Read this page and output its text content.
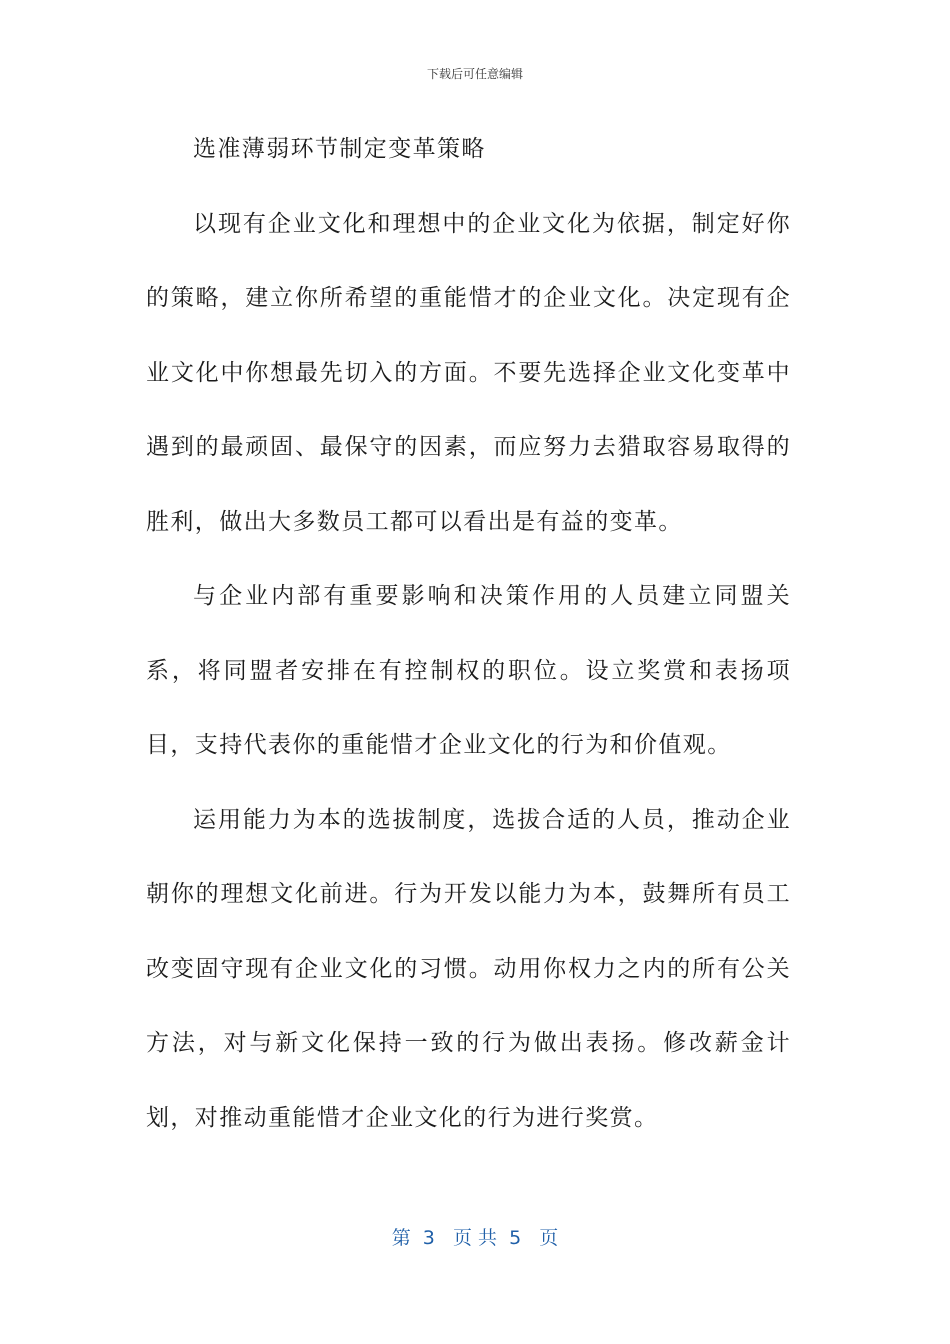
下载后可任意编辑

选准薄弱环节制定变革策略

以现有企业文化和理想中的企业文化为依据，制定好你的策略，建立你所希望的重能惜才的企业文化。决定现有企业文化中你想最先切入的方面。不要先选择企业文化变革中遇到的最顽固、最保守的因素，而应努力去猎取容易取得的胜利，做出大多数员工都可以看出是有益的变革。

与企业内部有重要影响和决策作用的人员建立同盟关系，将同盟者安排在有控制权的职位。设立奖赏和表扬项目，支持代表你的重能惜才企业文化的行为和价值观。

运用能力为本的选拔制度，选拔合适的人员，推动企业朝你的理想文化前进。行为开发以能力为本，鼓舞所有员工改变固守现有企业文化的习惯。动用你权力之内的所有公关方法，对与新文化保持一致的行为做出表扬。修改薪金计划，对推动重能惜才企业文化的行为进行奖赏。

第  3   页 共  5   页
